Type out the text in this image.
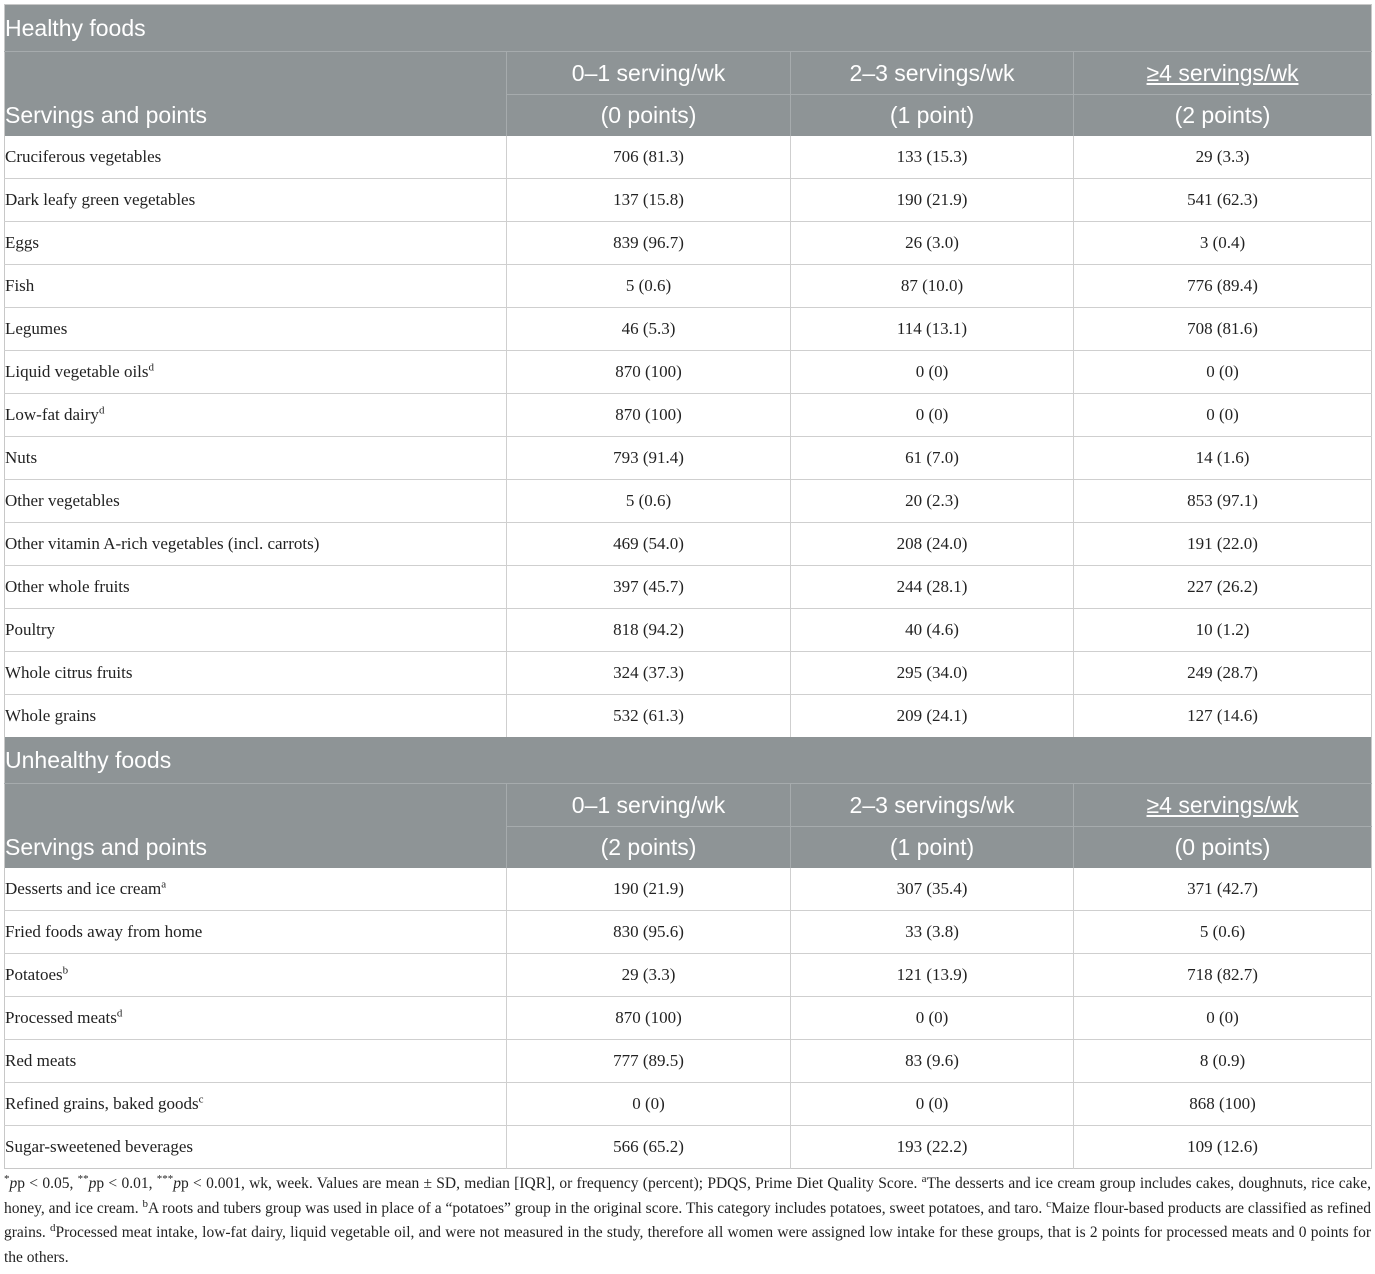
Healthy foods			
	0–1 serving/wk	2–3 servings/wk	≥4 servings/wk
Servings and points	(0 points)	(1 point)	(2 points)
Cruciferous vegetables	706 (81.3)	133 (15.3)	29 (3.3)
Dark leafy green vegetables	137 (15.8)	190 (21.9)	541 (62.3)
Eggs	839 (96.7)	26 (3.0)	3 (0.4)
Fish	5 (0.6)	87 (10.0)	776 (89.4)
Legumes	46 (5.3)	114 (13.1)	708 (81.6)
Liquid vegetable oils$^d$	870 (100)	0 (0)	0 (0)
Low-fat dairy$^d$	870 (100)	0 (0)	0 (0)
Nuts	793 (91.4)	61 (7.0)	14 (1.6)
Other vegetables	5 (0.6)	20 (2.3)	853 (97.1)
Other vitamin A-rich vegetables (incl. carrots)	469 (54.0)	208 (24.0)	191 (22.0)
Other whole fruits	397 (45.7)	244 (28.1)	227 (26.2)
Poultry	818 (94.2)	40 (4.6)	10 (1.2)
Whole citrus fruits	324 (37.3)	295 (34.0)	249 (28.7)
Whole grains	532 (61.3)	209 (24.1)	127 (14.6)
Unhealthy foods			
	0–1 serving/wk	2–3 servings/wk	≥4 servings/wk
Servings and points	(2 points)	(1 point)	(0 points)
Desserts and ice cream$^a$	190 (21.9)	307 (35.4)	371 (42.7)
Fried foods away from home	830 (95.6)	33 (3.8)	5 (0.6)
Potatoes$^b$	29 (3.3)	121 (13.9)	718 (82.7)
Processed meats$^d$	870 (100)	0 (0)	0 (0)
Red meats	777 (89.5)	83 (9.6)	8 (0.9)
Refined grains, baked goods$^c$	0 (0)	0 (0)	868 (100)
Sugar-sweetened beverages	566 (65.2)	193 (22.2)	109 (12.6)
*pp < 0.05, **pp < 0.01, ***pp < 0.001, wk, week. Values are mean ± SD, median [IQR], or frequency (percent); PDQS, Prime Diet Quality Score. $^a$The desserts and ice cream group includes cakes, doughnuts, rice cake, honey, and ice cream. $^b$A roots and tubers group was used in place of a “potatoes” group in the original score. This category includes potatoes, sweet potatoes, and taro. $^c$Maize flour-based products are classified as refined grains. $^d$Processed meat intake, low-fat dairy, liquid vegetable oil, and were not measured in the study, therefore all women were assigned low intake for these groups, that is 2 points for processed meats and 0 points for the others.
